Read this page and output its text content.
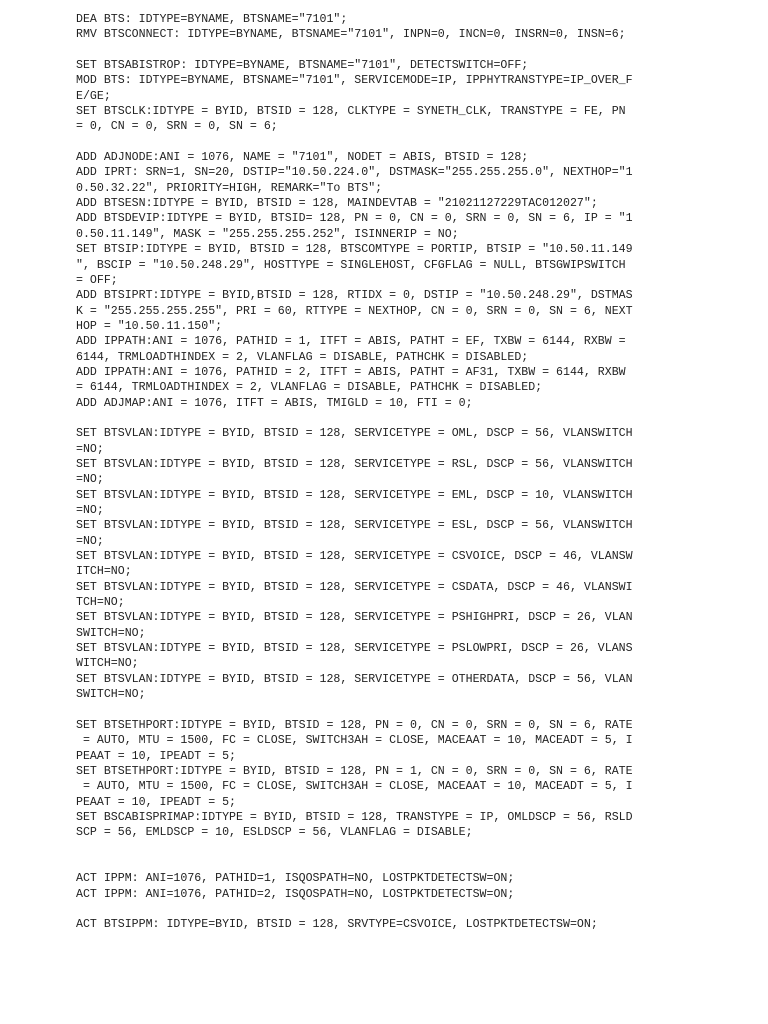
DEA BTS: IDTYPE=BYNAME, BTSNAME="7101";
RMV BTSCONNECT: IDTYPE=BYNAME, BTSNAME="7101", INPN=0, INCN=0, INSRN=0, INSN=6;
SET BTSABISTROP: IDTYPE=BYNAME, BTSNAME="7101", DETECTSWITCH=OFF;
MOD BTS: IDTYPE=BYNAME, BTSNAME="7101", SERVICEMODE=IP, IPPHYTRANSTYPE=IP_OVER_F
E/GE;
SET BTSCLK:IDTYPE = BYID, BTSID = 128, CLKTYPE = SYNETH_CLK, TRANSTYPE = FE, PN
= 0, CN = 0, SRN = 0, SN = 6;
ADD ADJNODE:ANI = 1076, NAME = "7101", NODET = ABIS, BTSID = 128;
ADD IPRT: SRN=1, SN=20, DSTIP="10.50.224.0", DSTMASK="255.255.255.0", NEXTHOP="1
0.50.32.22", PRIORITY=HIGH, REMARK="To BTS";
ADD BTSESN:IDTYPE = BYID, BTSID = 128, MAINDEVTAB = "21021127229TAC012027";
ADD BTSDEVIP:IDTYPE = BYID, BTSID= 128, PN = 0, CN = 0, SRN = 0, SN = 6, IP = "1
0.50.11.149", MASK = "255.255.255.252", ISINNERIP = NO;
SET BTSIP:IDTYPE = BYID, BTSID = 128, BTSCOMTYPE = PORTIP, BTSIP = "10.50.11.149
", BSCIP = "10.50.248.29", HOSTTYPE = SINGLEHOST, CFGFLAG = NULL, BTSGWIPSWITCH
= OFF;
ADD BTSIPRT:IDTYPE = BYID,BTSID = 128, RTIDX = 0, DSTIP = "10.50.248.29", DSTMAS
K = "255.255.255.255", PRI = 60, RTTYPE = NEXTHOP, CN = 0, SRN = 0, SN = 6, NEXT
HOP = "10.50.11.150";
ADD IPPATH:ANI = 1076, PATHID = 1, ITFT = ABIS, PATHT = EF, TXBW = 6144, RXBW =
6144, TRMLOADTHINDEX = 2, VLANFLAG = DISABLE, PATHCHK = DISABLED;
ADD IPPATH:ANI = 1076, PATHID = 2, ITFT = ABIS, PATHT = AF31, TXBW = 6144, RXBW
= 6144, TRMLOADTHINDEX = 2, VLANFLAG = DISABLE, PATHCHK = DISABLED;
ADD ADJMAP:ANI = 1076, ITFT = ABIS, TMIGLD = 10, FTI = 0;
SET BTSVLAN:IDTYPE = BYID, BTSID = 128, SERVICETYPE = OML, DSCP = 56, VLANSWITCH
=NO;
SET BTSVLAN:IDTYPE = BYID, BTSID = 128, SERVICETYPE = RSL, DSCP = 56, VLANSWITCH
=NO;
SET BTSVLAN:IDTYPE = BYID, BTSID = 128, SERVICETYPE = EML, DSCP = 10, VLANSWITCH
=NO;
SET BTSVLAN:IDTYPE = BYID, BTSID = 128, SERVICETYPE = ESL, DSCP = 56, VLANSWITCH
=NO;
SET BTSVLAN:IDTYPE = BYID, BTSID = 128, SERVICETYPE = CSVOICE, DSCP = 46, VLANSW
ITCH=NO;
SET BTSVLAN:IDTYPE = BYID, BTSID = 128, SERVICETYPE = CSDATA, DSCP = 46, VLANSWI
TCH=NO;
SET BTSVLAN:IDTYPE = BYID, BTSID = 128, SERVICETYPE = PSHIGHPRI, DSCP = 26, VLAN
SWITCH=NO;
SET BTSVLAN:IDTYPE = BYID, BTSID = 128, SERVICETYPE = PSLOWPRI, DSCP = 26, VLANS
WITCH=NO;
SET BTSVLAN:IDTYPE = BYID, BTSID = 128, SERVICETYPE = OTHERDATA, DSCP = 56, VLAN
SWITCH=NO;
SET BTSETHPORT:IDTYPE = BYID, BTSID = 128, PN = 0, CN = 0, SRN = 0, SN = 6, RATE
= AUTO, MTU = 1500, FC = CLOSE, SWITCH3AH = CLOSE, MACEAAT = 10, MACEADT = 5, I
PEAAT = 10, IPEADT = 5;
SET BTSETHPORT:IDTYPE = BYID, BTSID = 128, PN = 1, CN = 0, SRN = 0, SN = 6, RATE
= AUTO, MTU = 1500, FC = CLOSE, SWITCH3AH = CLOSE, MACEAAT = 10, MACEADT = 5, I
PEAAT = 10, IPEADT = 5;
SET BSCABISPRIMAP:IDTYPE = BYID, BTSID = 128, TRANSTYPE = IP, OMLDSCP = 56, RSLD
SCP = 56, EMLDSCP = 10, ESLDSCP = 56, VLANFLAG = DISABLE;
ACT IPPM: ANI=1076, PATHID=1, ISQOSPATH=NO, LOSTPKTDETECTSW=ON;
ACT IPPM: ANI=1076, PATHID=2, ISQOSPATH=NO, LOSTPKTDETECTSW=ON;
ACT BTSIPPM: IDTYPE=BYID, BTSID = 128, SRVTYPE=CSVOICE, LOSTPKTDETECTSW=ON;
